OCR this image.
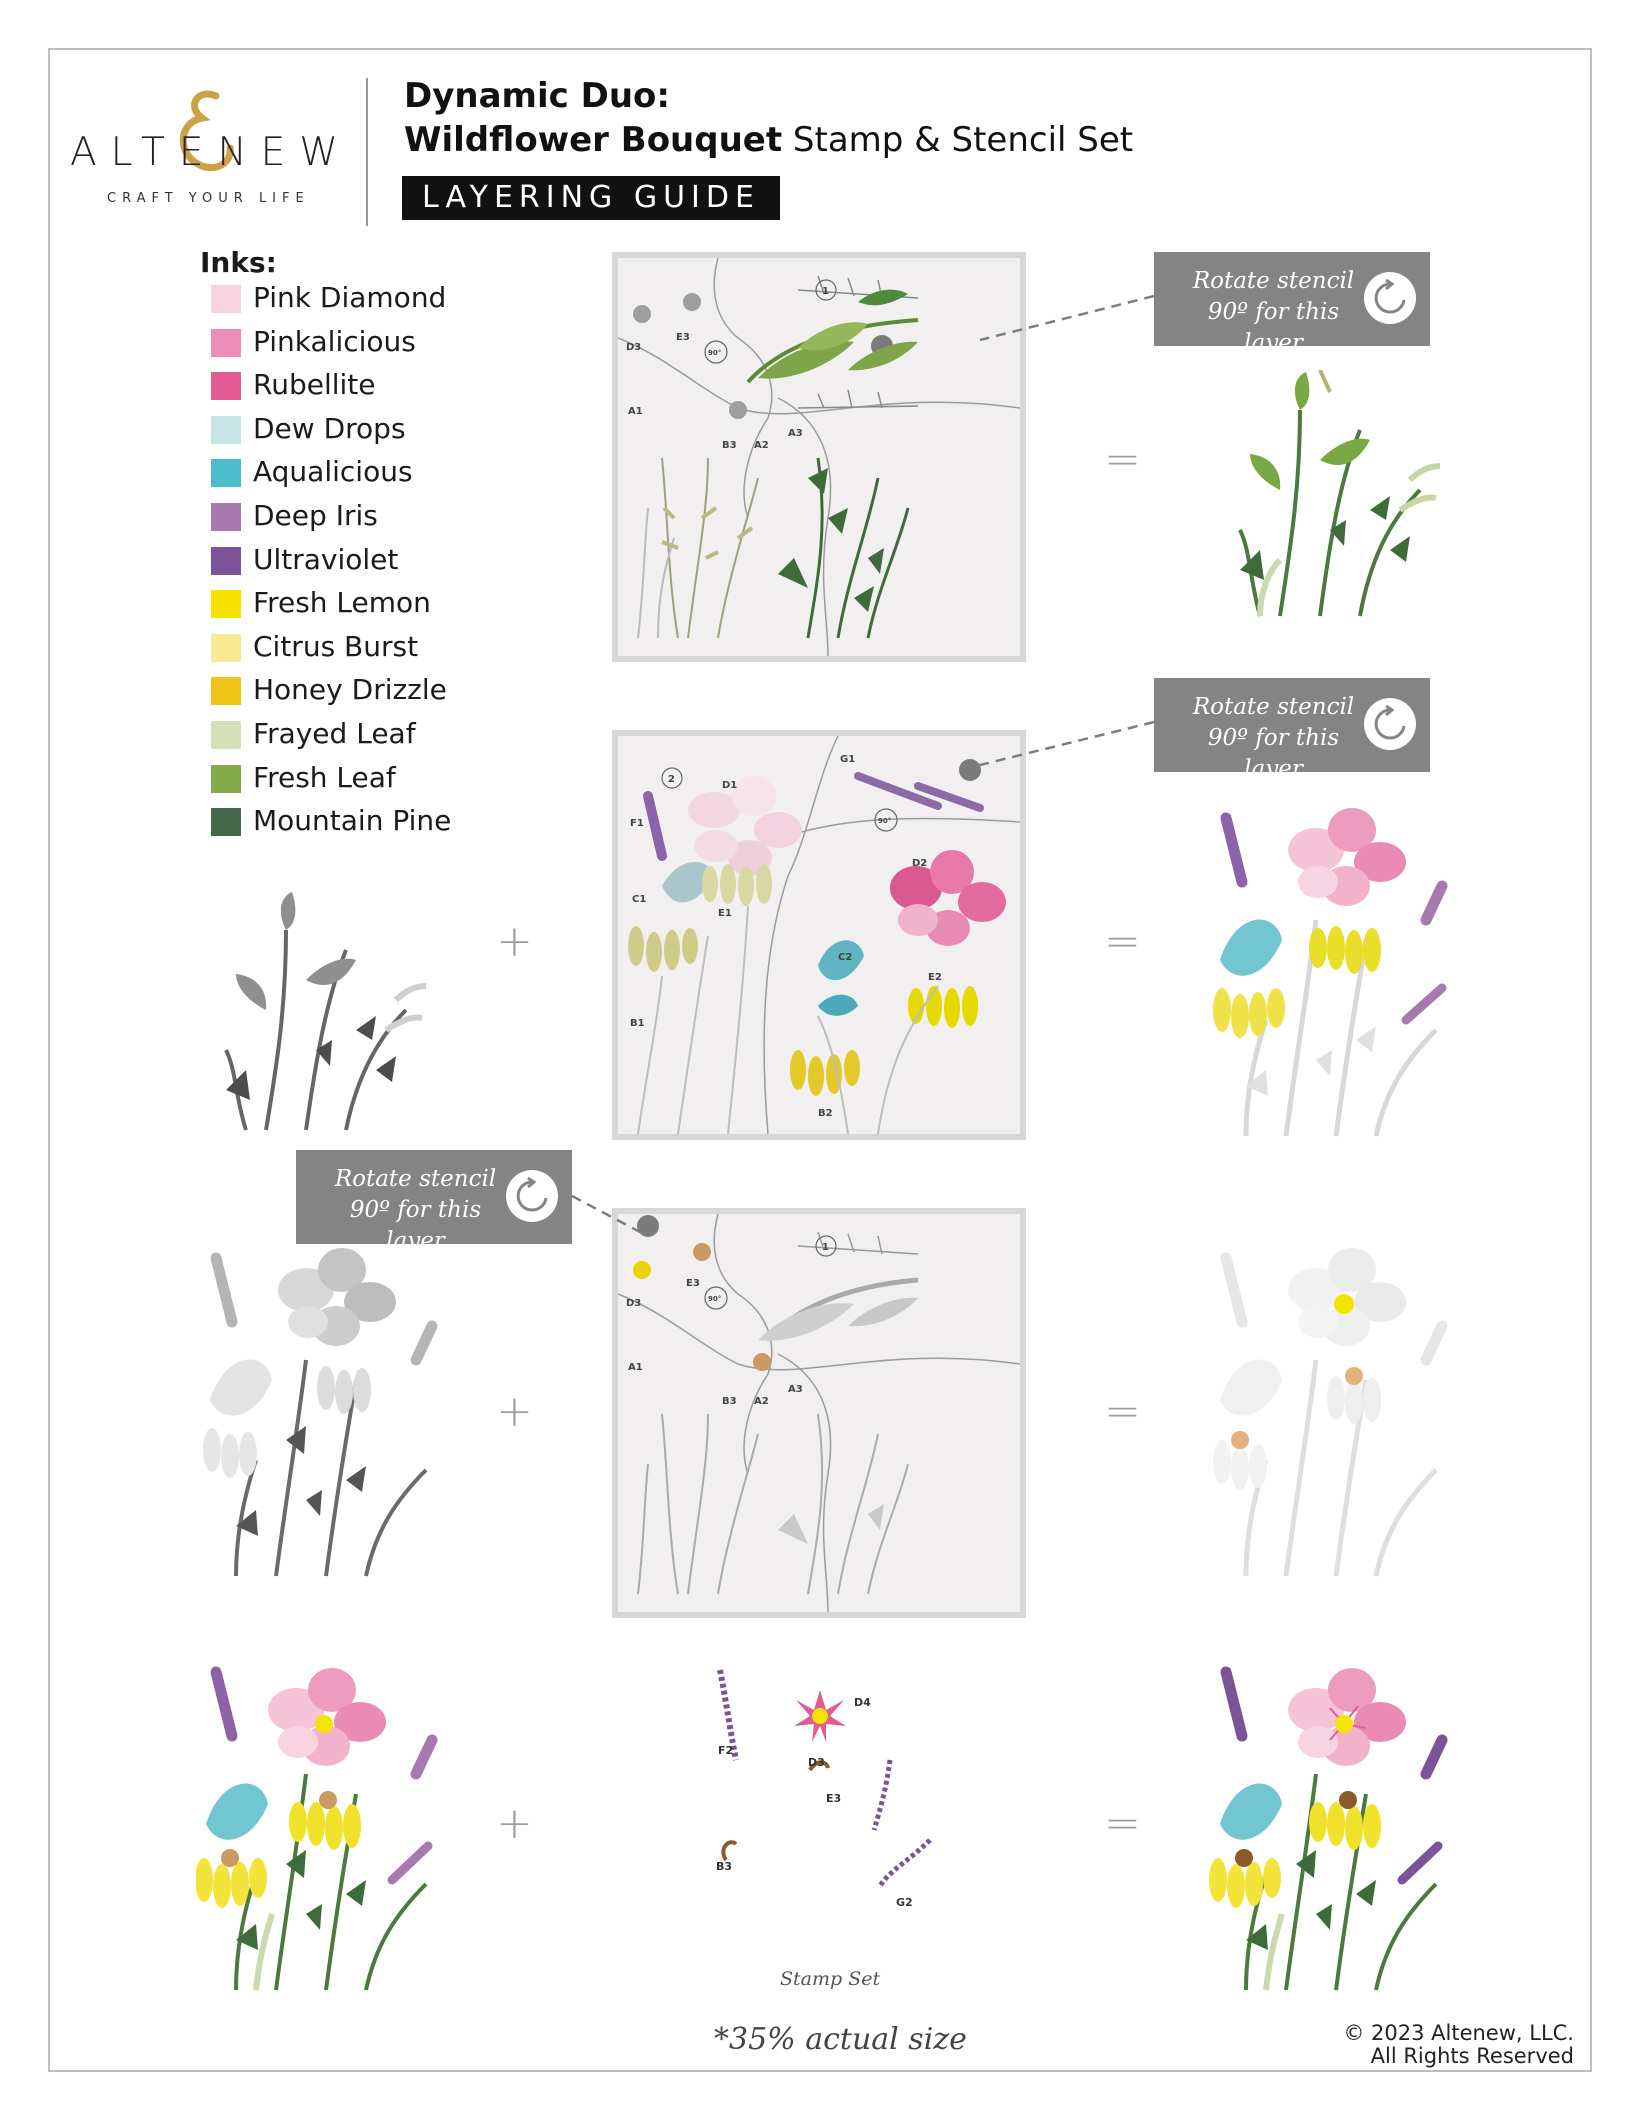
ALTENEW
CRAFT YOUR LIFE
Dynamic Duo:
Wildflower Bouquet Stamp & Stencil Set
LAYERING GUIDE
Inks:
Pink Diamond
Pinkalicious
Rubellite
Dew Drops
Aqualicious
Deep Iris
Ultraviolet
Fresh Lemon
Citrus Burst
Honey Drizzle
Frayed Leaf
Fresh Leaf
Mountain Pine
D3
E3
A1
B3 A2
A3
90°
1
D1
F1
C1
E1
B1
D2
C2
E2
B2
G1
90°
2
D3
E3
A1
B3 A2
A3
90°
1
Rotate stencil 90º for this layer
Rotate stencil 90º for this layer
Rotate stencil 90º for this layer
=
+	=
+	=
+	=
F2
D4
D3
E3
B3
G2
Stamp Set
*35% actual size	© 2023 Altenew, LLC.
All Rights Reserved
